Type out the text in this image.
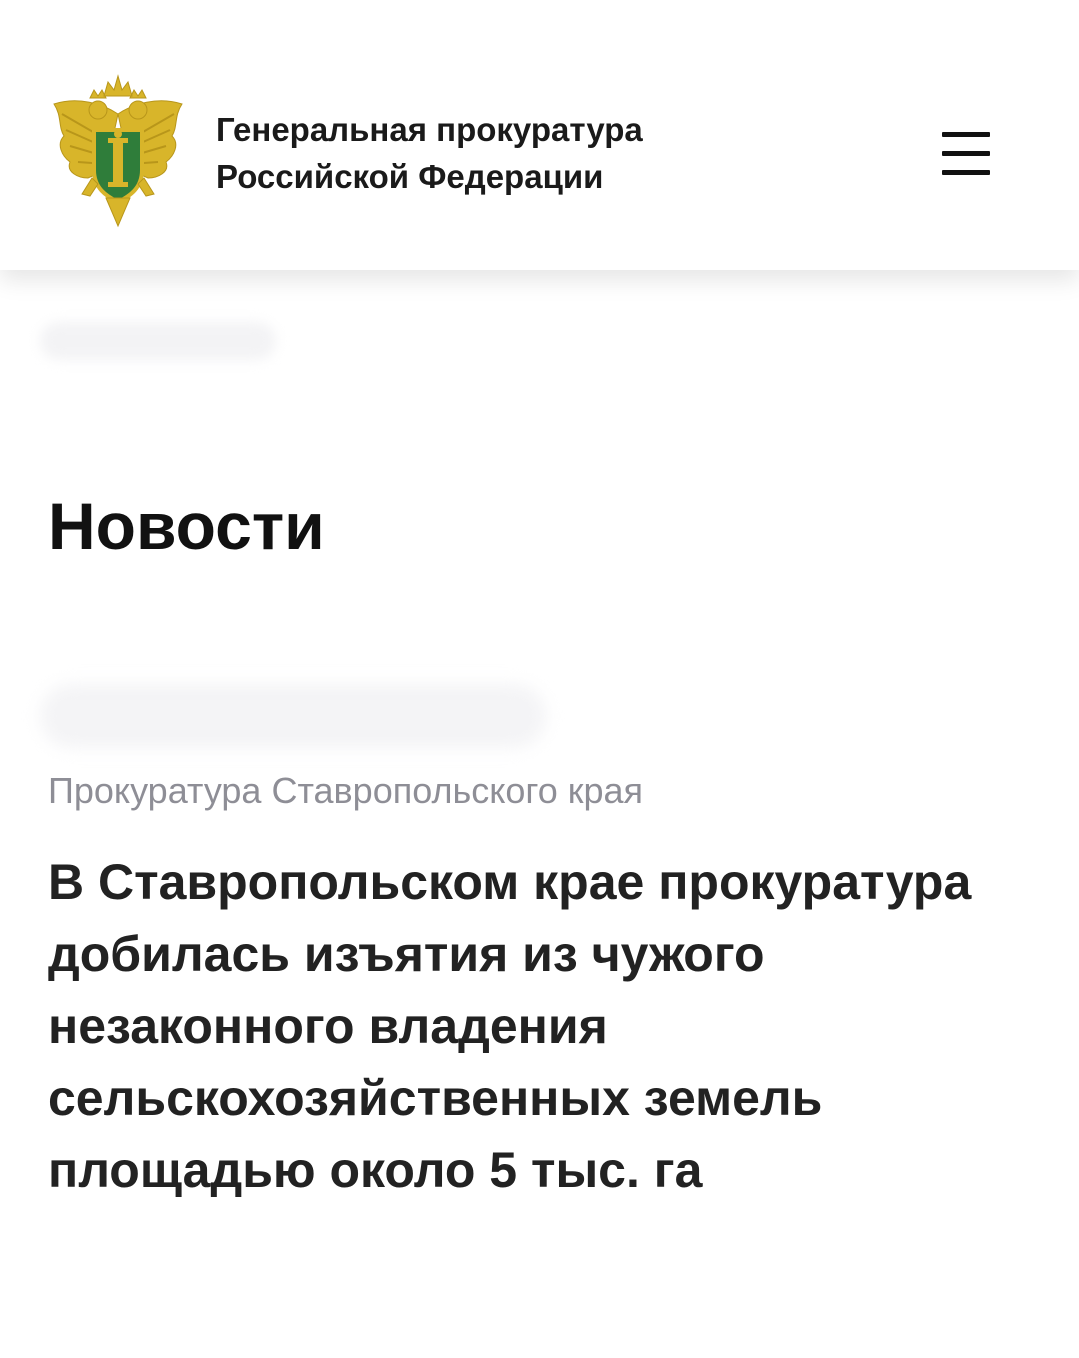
Генеральная прокуратура
Российской Федерации
Новости
Прокуратура Ставропольского края
В Ставропольском крае прокуратура
добилась изъятия из чужого
незаконного владения
сельскохозяйственных земель
площадью около 5 тыс. га
